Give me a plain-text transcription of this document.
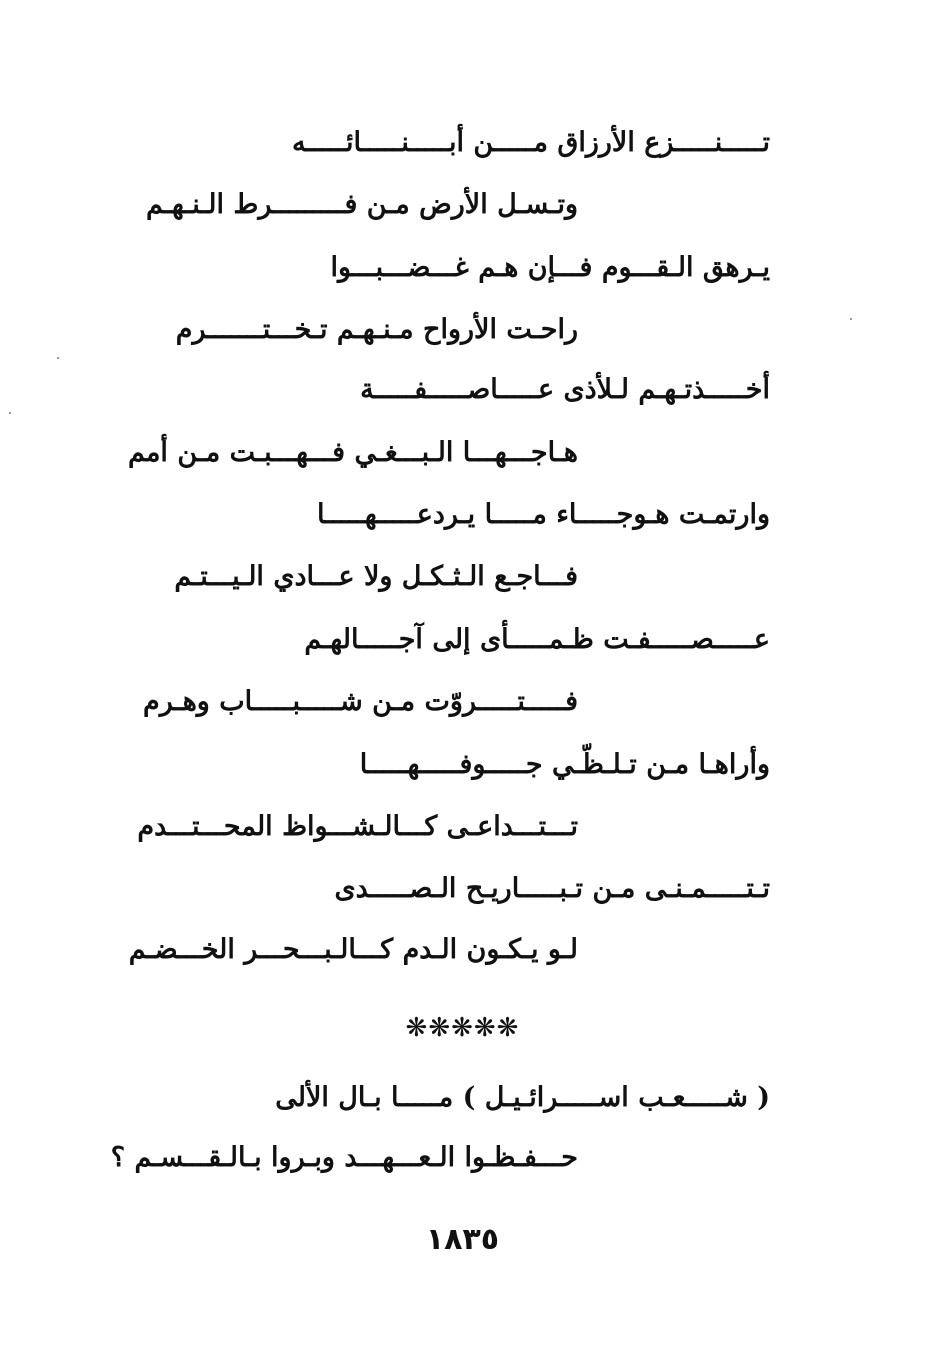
تـــــنـــــزع الأرزاق مـــــن أبـــــنـــــائـــــه
وتـسـل الأرض مـن فـــــــــرط الـنـهـم
يـرهق الـقـــوم فـــإن هـم غـــضـــبـــوا
راحـت الأرواح مـنـهـم تـخـــتـــــــرم
أخـــــذتـهـم لـلأذى عـــــاصـــــفـــــة
هـاجـــهـــا الـبـــغـي فـــهـــبـت مـن أمم
وارتمـت هـوجـــــاء مـــــا يـردعـــــهـــــا
فـــاجـع الـثـكـل ولا عـــادي الـيـــتـم
عـــــصـــــفـت ظـمـــــأى إلى آجـــــالهـم
فـــــتـــــروّت مـن شـــــبـــــاب وهـرم
وأراهـا مـن تـلـظّـي جـــــوفـــــهـــــا
تـــتـــداعـى كـــالـشـــواظ المحـــتـــدم
تـتـــــمـنـى مـن تـبـــــاريـح الـصـــــدى
لـو يـكـون الـدم كـــالـبـــحـــر الخـــضـم
❋❋❋❋❋
( شـــــعـب اســـــرائـيـل ) مـــــا بـال الألى
حـــفـظـوا الـعـــهـــد وبـروا بـالـقـــسـم ؟
١٨٣٥
